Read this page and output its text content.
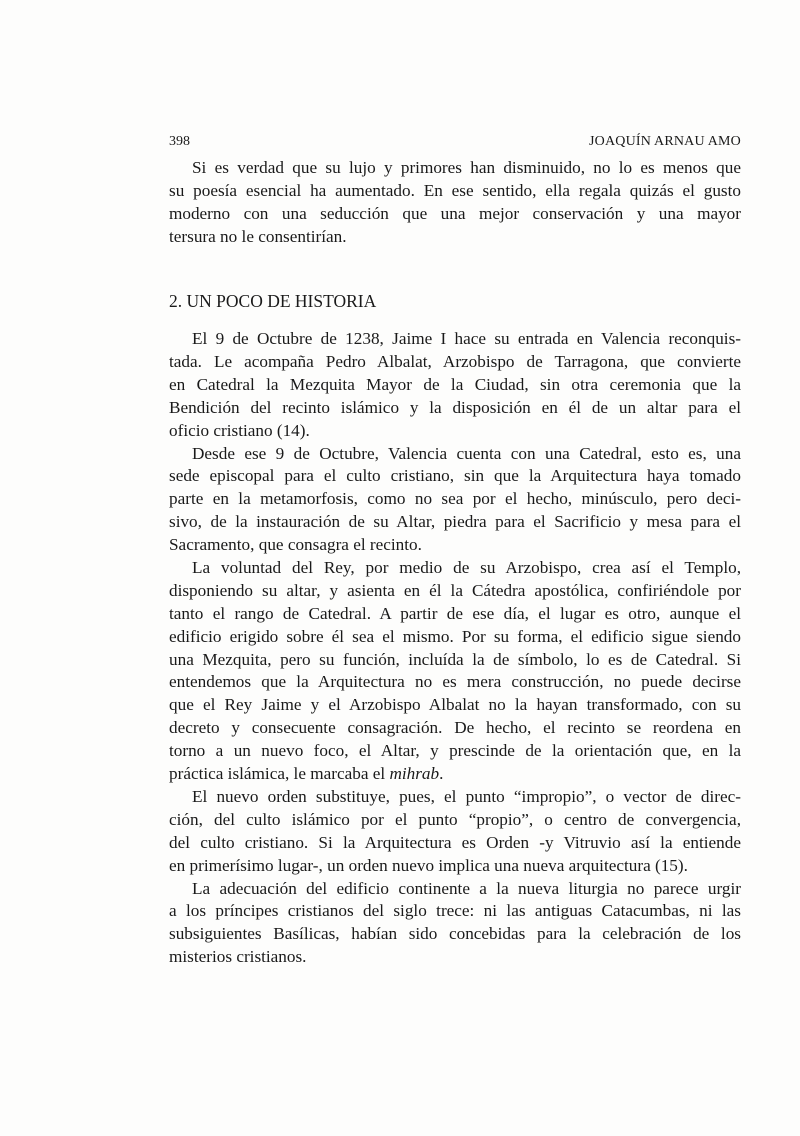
398	JOAQUÍN ARNAU AMO
Si es verdad que su lujo y primores han disminuido, no lo es menos que
su poesía esencial ha aumentado. En ese sentido, ella regala quizás el gusto
moderno con una seducción que una mejor conservación y una mayor
tersura no le consentirían.
2. UN POCO DE HISTORIA
El 9 de Octubre de 1238, Jaime I hace su entrada en Valencia reconquis-
tada. Le acompaña Pedro Albalat, Arzobispo de Tarragona, que convierte
en Catedral la Mezquita Mayor de la Ciudad, sin otra ceremonia que la
Bendición del recinto islámico y la disposición en él de un altar para el
oficio cristiano (14).
Desde ese 9 de Octubre, Valencia cuenta con una Catedral, esto es, una
sede episcopal para el culto cristiano, sin que la Arquitectura haya tomado
parte en la metamorfosis, como no sea por el hecho, minúsculo, pero deci-
sivo, de la instauración de su Altar, piedra para el Sacrificio y mesa para el
Sacramento, que consagra el recinto.
La voluntad del Rey, por medio de su Arzobispo, crea así el Templo,
disponiendo su altar, y asienta en él la Cátedra apostólica, confiriéndole por
tanto el rango de Catedral. A partir de ese día, el lugar es otro, aunque el
edificio erigido sobre él sea el mismo. Por su forma, el edificio sigue siendo
una Mezquita, pero su función, incluída la de símbolo, lo es de Catedral. Si
entendemos que la Arquitectura no es mera construcción, no puede decirse
que el Rey Jaime y el Arzobispo Albalat no la hayan transformado, con su
decreto y consecuente consagración. De hecho, el recinto se reordena en
torno a un nuevo foco, el Altar, y prescinde de la orientación que, en la
práctica islámica, le marcaba el mihrab.
El nuevo orden substituye, pues, el punto “impropio”, o vector de direc-
ción, del culto islámico por el punto “propio”, o centro de convergencia,
del culto cristiano. Si la Arquitectura es Orden -y Vitruvio así la entiende
en primerísimo lugar-, un orden nuevo implica una nueva arquitectura (15).
La adecuación del edificio continente a la nueva liturgia no parece urgir
a los príncipes cristianos del siglo trece: ni las antiguas Catacumbas, ni las
subsiguientes Basílicas, habían sido concebidas para la celebración de los
misterios cristianos.
